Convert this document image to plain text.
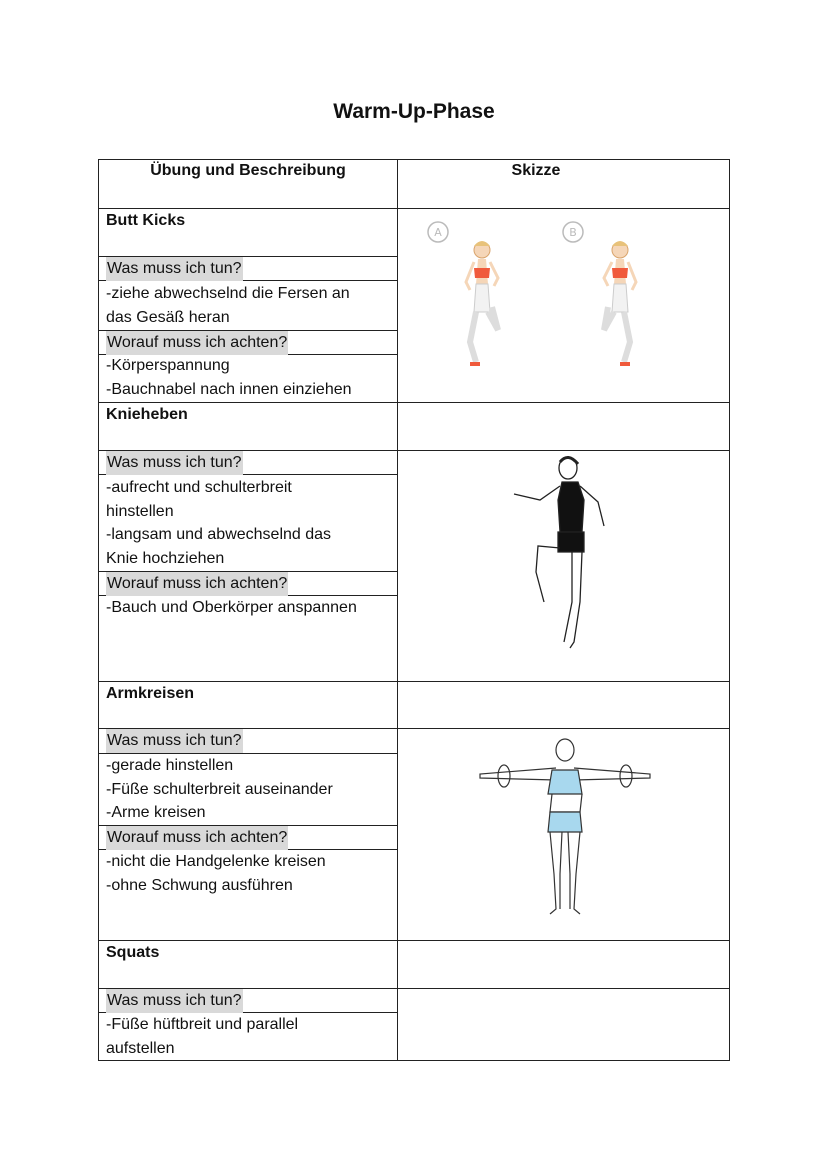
Warm-Up-Phase
Übung und Beschreibung	Skizze
Butt Kicks
Was muss ich tun?
-ziehe abwechselnd die Fersen an
das Gesäß heran
Worauf muss ich achten?
-Körperspannung
-Bauchnabel nach innen einziehen
Knieheben
Was muss ich tun?
-aufrecht und schulterbreit
hinstellen
-langsam und abwechselnd das
Knie hochziehen
Worauf muss ich achten?
-Bauch und Oberkörper anspannen
Armkreisen
Was muss ich tun?
-gerade hinstellen
-Füße schulterbreit auseinander
-Arme kreisen
Worauf muss ich achten?
-nicht die Handgelenke kreisen
-ohne Schwung ausführen
Squats
Was muss ich tun?
-Füße hüftbreit und parallel
aufstellen
A	B
